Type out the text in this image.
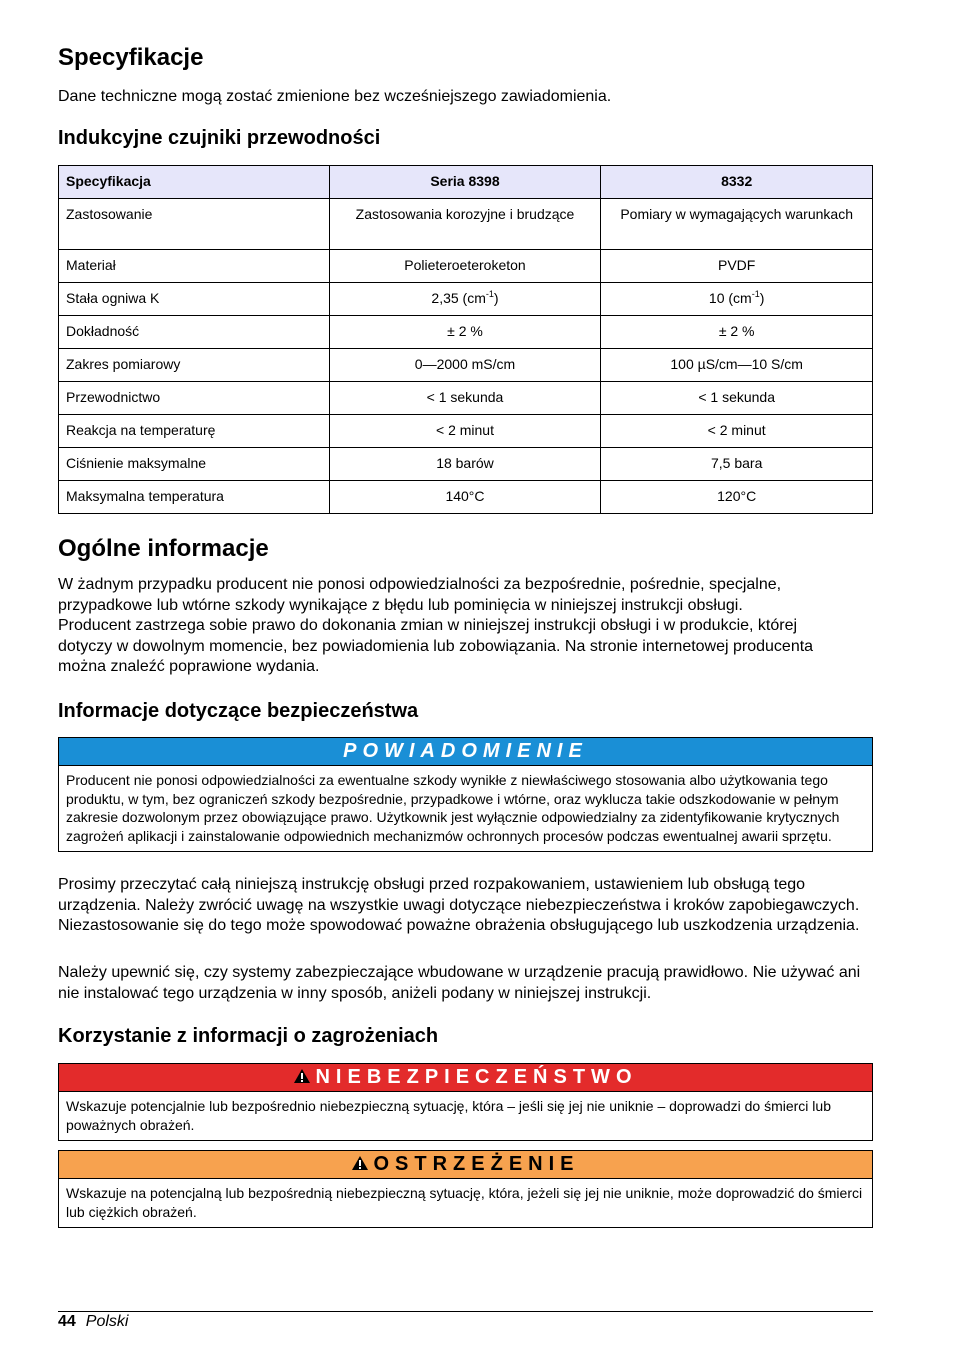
Specyfikacje

Dane techniczne mogą zostać zmienione bez wcześniejszego zawiadomienia.

Indukcyjne czujniki przewodności
Specyfikacja	Seria 8398	8332
Zastosowanie	Zastosowania korozyjne i brudzące	Pomiary w wymagających warunkach
Materiał	Polieteroeteroketon	PVDF
Stała ogniwa K	2,35 $(cm^{-1})$	10 $(cm^{-1})$
Dokładność	± 2 %	± 2 %
Zakres pomiarowy	0—2000 mS/cm	100 µS/cm—10 S/cm
Przewodnictwo	< 1 sekunda	< 1 sekunda
Reakcja na temperaturę	< 2 minut	< 2 minut
Ciśnienie maksymalne	18 barów	7,5 bara
Maksymalna temperatura	140°C	120°C
Ogólne informacje

W żadnym przypadku producent nie ponosi odpowiedzialności za bezpośrednie, pośrednie, specjalne, przypadkowe lub wtórne szkody wynikające z błędu lub pominięcia w niniejszej instrukcji obsługi. Producent zastrzega sobie prawo do dokonania zmian w niniejszej instrukcji obsługi i w produkcie, której dotyczy w dowolnym momencie, bez powiadomienia lub zobowiązania. Na stronie internetowej producenta można znaleźć poprawione wydania.

Informacje dotyczące bezpieczeństwa
POWIADOMIENIE
Producent nie ponosi odpowiedzialności za ewentualne szkody wynikłe z niewłaściwego stosowania albo użytkowania tego produktu, w tym, bez ograniczeń szkody bezpośrednie, przypadkowe i wtórne, oraz wyklucza takie odszkodowanie w pełnym zakresie dozwolonym przez obowiązujące prawo. Użytkownik jest wyłącznie odpowiedzialny za zidentyfikowanie krytycznych zagrożeń aplikacji i zainstalowanie odpowiednich mechanizmów ochronnych procesów podczas ewentualnej awarii sprzętu.

Prosimy przeczytać całą niniejszą instrukcję obsługi przed rozpakowaniem, ustawieniem lub obsługą tego urządzenia. Należy zwrócić uwagę na wszystkie uwagi dotyczące niebezpieczeństwa i kroków zapobiegawczych. Niezastosowanie się do tego może spowodować poważne obrażenia obsługującego lub uszkodzenia urządzenia.

Należy upewnić się, czy systemy zabezpieczające wbudowane w urządzenie pracują prawidłowo. Nie używać ani nie instalować tego urządzenia w inny sposób, aniżeli podany w niniejszej instrukcji.

Korzystanie z informacji o zagrożeniach
NIEBEZPIECZEŃSTWO
Wskazuje potencjalnie lub bezpośrednio niebezpieczną sytuację, która – jeśli się jej nie uniknie – doprowadzi do śmierci lub poważnych obrażeń.
OSTRZEŻENIE
Wskazuje na potencjalną lub bezpośrednią niebezpieczną sytuację, która, jeżeli się jej nie uniknie, może doprowadzić do śmierci lub ciężkich obrażeń.
44 Polski
